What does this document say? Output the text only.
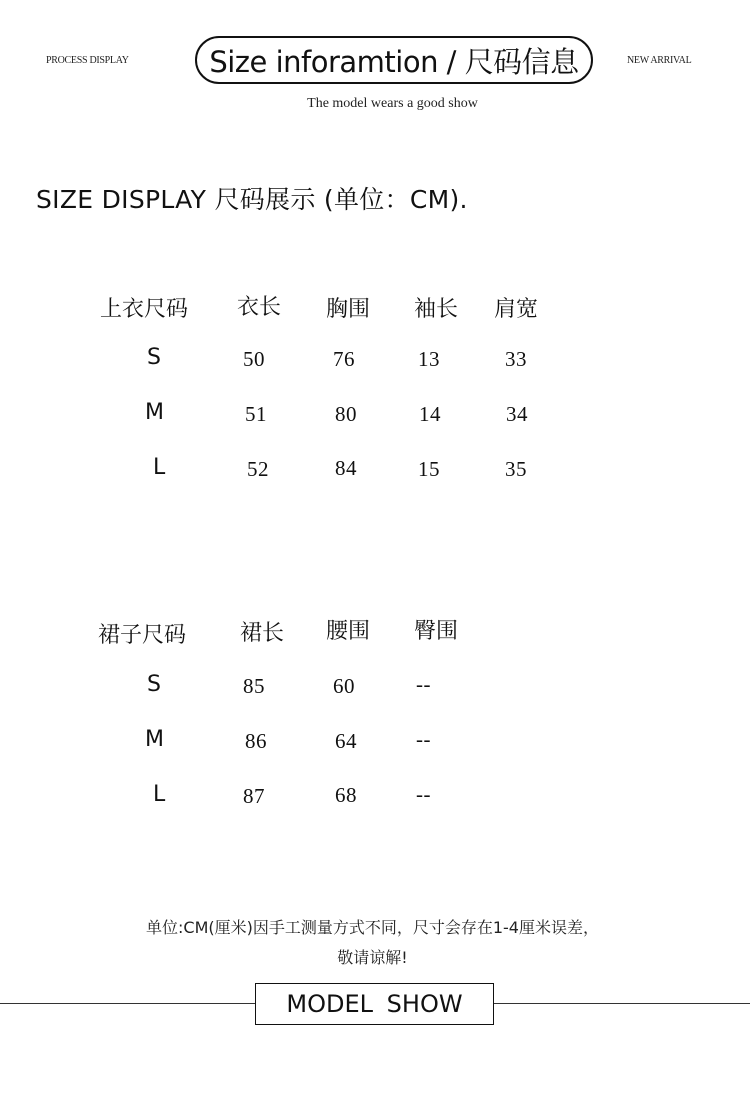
PROCESS DISPLAY	Size inforamtion / 尺码信息	NEW ARRIVAL
The model wears a good show
SIZE DISPLAY 尺码展示 (单位：CM).
上衣尺码 衣长 胸围 袖长 肩宽
S	50	76	13	33
M	51	80	14	34
L	52	84	15	35
裙子尺码 裙长 腰围 臀围
S	85	60	--
M	86	64	--
L	87	68	--
单位:CM(厘米)因手工测量方式不同，尺寸会存在1-4厘米误差，
敬请谅解!
MODEL SHOW
